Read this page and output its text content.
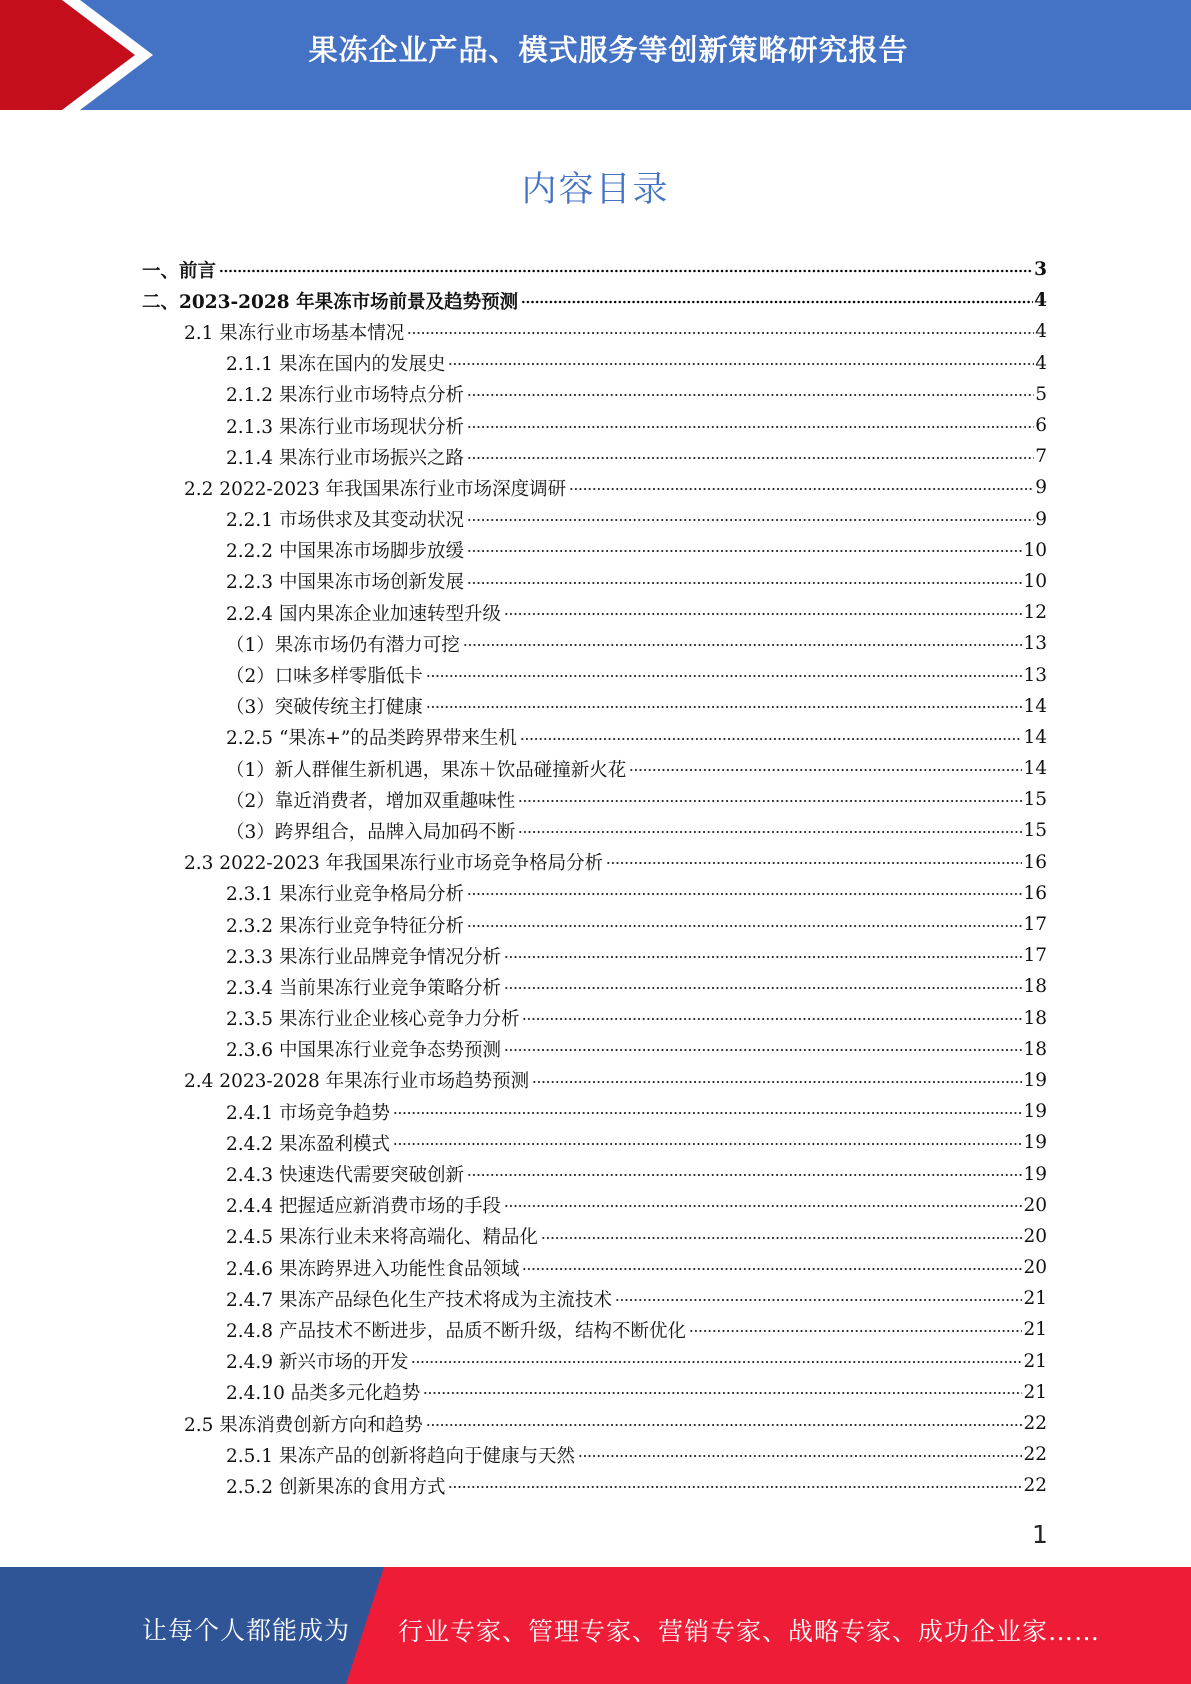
果冻企业产品、模式服务等创新策略研究报告
内容目录
一、前言	3
二、2023-2028 年果冻市场前景及趋势预测	4
2.1 果冻行业市场基本情况	4
2.1.1 果冻在国内的发展史	4
2.1.2 果冻行业市场特点分析	5
2.1.3 果冻行业市场现状分析	6
2.1.4 果冻行业市场振兴之路	7
2.2 2022-2023 年我国果冻行业市场深度调研	9
2.2.1 市场供求及其变动状况	9
2.2.2 中国果冻市场脚步放缓	10
2.2.3 中国果冻市场创新发展	10
2.2.4 国内果冻企业加速转型升级	12
（1）果冻市场仍有潜力可挖	13
（2）口味多样零脂低卡	13
（3）突破传统主打健康	14
2.2.5 “果冻+”的品类跨界带来生机	14
（1）新人群催生新机遇，果冻＋饮品碰撞新火花	14
（2）靠近消费者，增加双重趣味性	15
（3）跨界组合，品牌入局加码不断	15
2.3 2022-2023 年我国果冻行业市场竞争格局分析	16
2.3.1 果冻行业竞争格局分析	16
2.3.2 果冻行业竞争特征分析	17
2.3.3 果冻行业品牌竞争情况分析	17
2.3.4 当前果冻行业竞争策略分析	18
2.3.5 果冻行业企业核心竞争力分析	18
2.3.6 中国果冻行业竞争态势预测	18
2.4 2023-2028 年果冻行业市场趋势预测	19
2.4.1 市场竞争趋势	19
2.4.2 果冻盈利模式	19
2.4.3 快速迭代需要突破创新	19
2.4.4 把握适应新消费市场的手段	20
2.4.5 果冻行业未来将高端化、精品化	20
2.4.6 果冻跨界进入功能性食品领域	20
2.4.7 果冻产品绿色化生产技术将成为主流技术	21
2.4.8 产品技术不断进步，品质不断升级，结构不断优化	21
2.4.9 新兴市场的开发	21
2.4.10 品类多元化趋势	21
2.5 果冻消费创新方向和趋势	22
2.5.1 果冻产品的创新将趋向于健康与天然	22
2.5.2 创新果冻的食用方式	22
1
让每个人都能成为 行业专家、管理专家、营销专家、战略专家、成功企业家……
